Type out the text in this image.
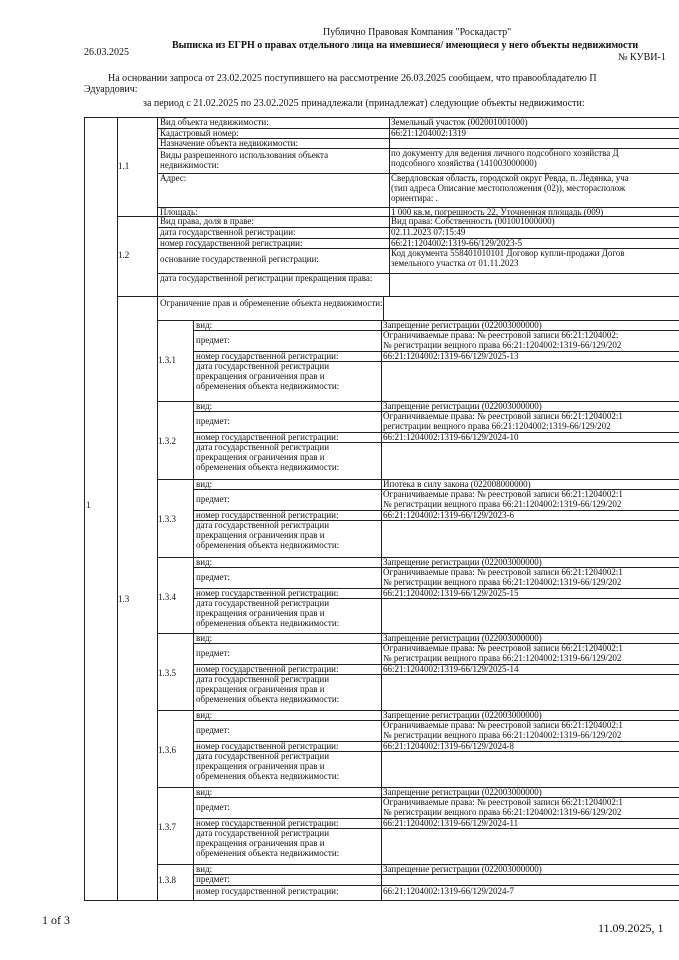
Публично Правовая Компания "Роскадастр"
Выписка из ЕГРН о правах отдельного лица на имевшиеся/ имеющиеся у него объекты недвижимости
26.03.2025	№ КУВИ-1
На основании запроса от 23.02.2025 поступившего на рассмотрение 26.03.2025 сообщаем, что правообладателю П
Эдуардович:
за период с 21.02.2025 по 23.02.2025 принадлежали (принадлежат) следующие объекты недвижимости:
1.1
Вид объекта недвижимости:	Земельный участок (002001001000)
Кадастровый номер:	66:21:1204002:1319
Назначение объекта недвижимости:
Виды разрешенного использования объекта недвижимости:
по документу для ведения личного подсобного хозяйства Д
подсобного хозяйства (141003000000)
Адрес:	Свердловская область, городской округ Ревда, п. Ледянка, уча
(тип адреса Описание местоположения (02)), месторасполож
ориентира: .
Площадь:	1 000 кв.м, погрешность 22, Уточненная площадь (009)
1.2
Вид права, доля в праве:	Вид права: Собственность (001001000000)
дата государственной регистрации:	02.11.2023 07:15:49
номер государственной регистрации:	66:21:1204002:1319-66/129/2023-5
основание государственной регистрации:
Код документа 558401010101 Договор купли-продажи Догов
земельного участка от 01.11.2023
дата государственной регистрации прекращения права:
1.3
Ограничение прав и обременение объекта недвижимости:
1.3.1
вид:	Запрещение регистрации (022003000000)
предмет:	Ограничиваемые права: № реестровой записи 66:21:1204002:
№ регистрации вещного права 66:21:1204002:1319-66/129/202
номер государственной регистрации:	66:21:1204002:1319-66/129/2025-13
дата государственной регистрации
прекращения ограничения прав и
обременения объекта недвижимости:
1.3.2
вид:	Запрещение регистрации (022003000000)
предмет:	Ограничиваемые права: № реестровой записи 66:21:1204002:1
регистрации вещного права 66:21:1204002:1319-66/129/202
номер государственной регистрации:	66:21:1204002:1319-66/129/2024-10
дата государственной регистрации
прекращения ограничения прав и
обременения объекта недвижимости:
1.3.3
вид:	Ипотека в силу закона (022008000000)
предмет:	Ограничиваемые права: № реестровой записи 66:21:1204002:1
№ регистрации вещного права 66:21:1204002:1319-66/129/202
номер государственной регистрации:	66:21:1204002:1319-66/129/2023-6
дата государственной регистрации
прекращения ограничения прав и
обременения объекта недвижимости:
1.3.4
вид:	Запрещение регистрации (022003000000)
предмет:	Ограничиваемые права: № реестровой записи 66:21:1204002:1
№ регистрации вещного права 66:21:1204002:1319-66/129/202
номер государственной регистрации:	66:21:1204002:1319-66/129/2025-15
дата государственной регистрации
прекращения ограничения прав и
обременения объекта недвижимости:
1.3.5
вид:	Запрещение регистрации (022003000000)
предмет:	Ограничиваемые права: № реестровой записи 66:21:1204002:1
№ регистрации вещного права 66:21:1204002:1319-66/129/202
номер государственной регистрации:	66:21:1204002:1319-66/129/2025-14
дата государственной регистрации
прекращения ограничения прав и
обременения объекта недвижимости:
1.3.6
вид:	Запрещение регистрации (022003000000)
предмет:	Ограничиваемые права: № реестровой записи 66:21:1204002:1
№ регистрации вещного права 66:21:1204002:1319-66/129/202
номер государственной регистрации:	66:21:1204002:1319-66/129/2024-8
дата государственной регистрации
прекращения ограничения прав и
обременения объекта недвижимости:
1.3.7
вид:	Запрещение регистрации (022003000000)
предмет:	Ограничиваемые права: № реестровой записи 66:21:1204002:1
№ регистрации вещного права 66:21:1204002:1319-66/129/202
номер государственной регистрации:	66:21:1204002:1319-66/129/2024-11
дата государственной регистрации
прекращения ограничения прав и
обременения объекта недвижимости:
1.3.8
вид:	Запрещение регистрации (022003000000)
предмет:
номер государственной регистрации:	66:21:1204002:1319-66/129/2024-7
1
1 of 3
11.09.2025, 1
